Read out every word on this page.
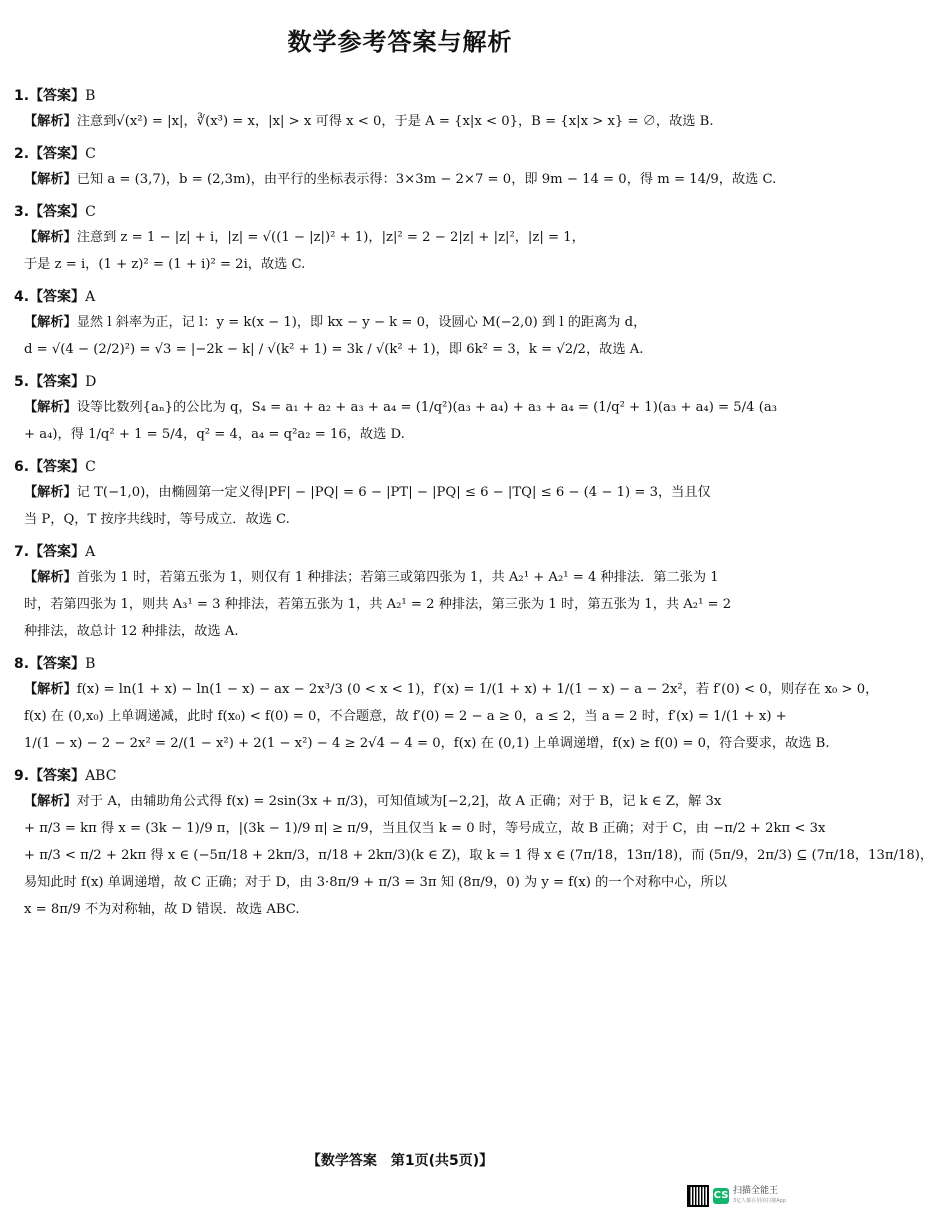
数学参考答案与解析
1.【答案】B
【解析】注意到√(x²) = |x|，∛(x³) = x，|x| > x 可得 x < 0，于是 A = {x|x < 0}，B = {x|x > x} = ∅，故选 B.
2.【答案】C
【解析】已知 a = (3,7)，b = (2,3m)，由平行的坐标表示得：3×3m − 2×7 = 0，即 9m − 14 = 0，得 m = 14/9，故选 C.
3.【答案】C
【解析】注意到 z = 1 − |z| + i，|z| = √((1 − |z|)² + 1)，|z|² = 2 − 2|z| + |z|²，|z| = 1，
于是 z = i，(1 + z)² = (1 + i)² = 2i，故选 C.
4.【答案】A
【解析】显然 l 斜率为正，记 l：y = k(x − 1)，即 kx − y − k = 0，设圆心 M(−2,0) 到 l 的距离为 d，
d = √(4 − (2/2)²) = √3 = |−2k − k| / √(k² + 1) = 3k / √(k² + 1)，即 6k² = 3，k = √2/2，故选 A.
5.【答案】D
【解析】设等比数列{aₙ}的公比为 q，S₄ = a₁ + a₂ + a₃ + a₄ = (1/q²)(a₃ + a₄) + a₃ + a₄ = (1/q² + 1)(a₃ + a₄) = 5/4 (a₃
+ a₄)，得 1/q² + 1 = 5/4，q² = 4，a₄ = q²a₂ = 16，故选 D.
6.【答案】C
【解析】记 T(−1,0)，由椭圆第一定义得|PF| − |PQ| = 6 − |PT| − |PQ| ≤ 6 − |TQ| ≤ 6 − (4 − 1) = 3，当且仅
当 P，Q，T 按序共线时，等号成立．故选 C.
7.【答案】A
【解析】首张为 1 时，若第五张为 1，则仅有 1 种排法；若第三或第四张为 1，共 A₂¹ + A₂¹ = 4 种排法．第二张为 1
时，若第四张为 1，则共 A₃¹ = 3 种排法，若第五张为 1，共 A₂¹ = 2 种排法，第三张为 1 时，第五张为 1，共 A₂¹ = 2
种排法，故总计 12 种排法，故选 A.
8.【答案】B
【解析】f(x) = ln(1 + x) − ln(1 − x) − ax − 2x³/3 (0 < x < 1)，f′(x) = 1/(1 + x) + 1/(1 − x) − a − 2x²，若 f′(0) < 0，则存在 x₀ > 0，
f(x) 在 (0,x₀) 上单调递减，此时 f(x₀) < f(0) = 0，不合题意，故 f′(0) = 2 − a ≥ 0，a ≤ 2，当 a = 2 时，f′(x) = 1/(1 + x) +
1/(1 − x) − 2 − 2x² = 2/(1 − x²) + 2(1 − x²) − 4 ≥ 2√4 − 4 = 0，f(x) 在 (0,1) 上单调递增，f(x) ≥ f(0) = 0，符合要求，故选 B.
9.【答案】ABC
【解析】对于 A，由辅助角公式得 f(x) = 2sin(3x + π/3)，可知值域为[−2,2]，故 A 正确；对于 B，记 k ∈ Z，解 3x
+ π/3 = kπ 得 x = (3k − 1)/9 π，|(3k − 1)/9 π| ≥ π/9，当且仅当 k = 0 时，等号成立，故 B 正确；对于 C，由 −π/2 + 2kπ < 3x
+ π/3 < π/2 + 2kπ 得 x ∈ (−5π/18 + 2kπ/3，π/18 + 2kπ/3)(k ∈ Z)，取 k = 1 得 x ∈ (7π/18，13π/18)，而 (5π/9，2π/3) ⊆ (7π/18，13π/18)，
易知此时 f(x) 单调递增，故 C 正确；对于 D，由 3·8π/9 + π/3 = 3π 知 (8π/9，0) 为 y = f(x) 的一个对称中心，所以
x = 8π/9 不为对称轴，故 D 错误．故选 ABC.
【数学答案　第1页(共5页)】
CS 扫描全能王
3亿人都在用的扫描App
